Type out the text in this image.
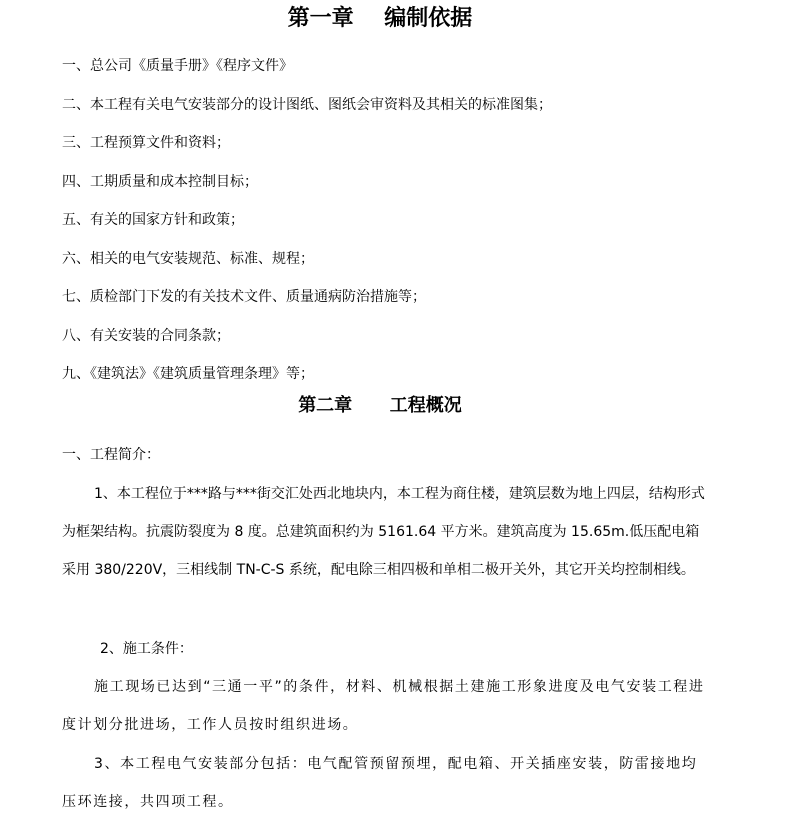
第一章    编制依据

一、总公司《质量手册》《程序文件》

二、本工程有关电气安装部分的设计图纸、图纸会审资料及其相关的标准图集；

三、工程预算文件和资料；

四、工期质量和成本控制目标；

五、有关的国家方针和政策；

六、相关的电气安装规范、标准、规程；

七、质检部门下发的有关技术文件、质量通病防治措施等；

八、有关安装的合同条款；

九、《建筑法》《建筑质量管理条理》等；

第二章      工程概况

一、工程简介：

1、本工程位于***路与***街交汇处西北地块内，本工程为商住楼，建筑层数为地上四层，结构形式为框架结构。抗震防裂度为 8 度。总建筑面积约为 5161.64 平方米。建筑高度为 15.65m.低压配电箱采用 380/220V，三相线制 TN-C-S 系统，配电除三相四极和单相二极开关外，其它开关均控制相线。

2、施工条件：

施工现场已达到“三通一平”的条件，材料、机械根据土建施工形象进度及电气安装工程进度计划分批进场，工作人员按时组织进场。

3、本工程电气安装部分包括：电气配管预留预埋，配电箱、开关插座安装，防雷接地均压环连接，共四项工程。
